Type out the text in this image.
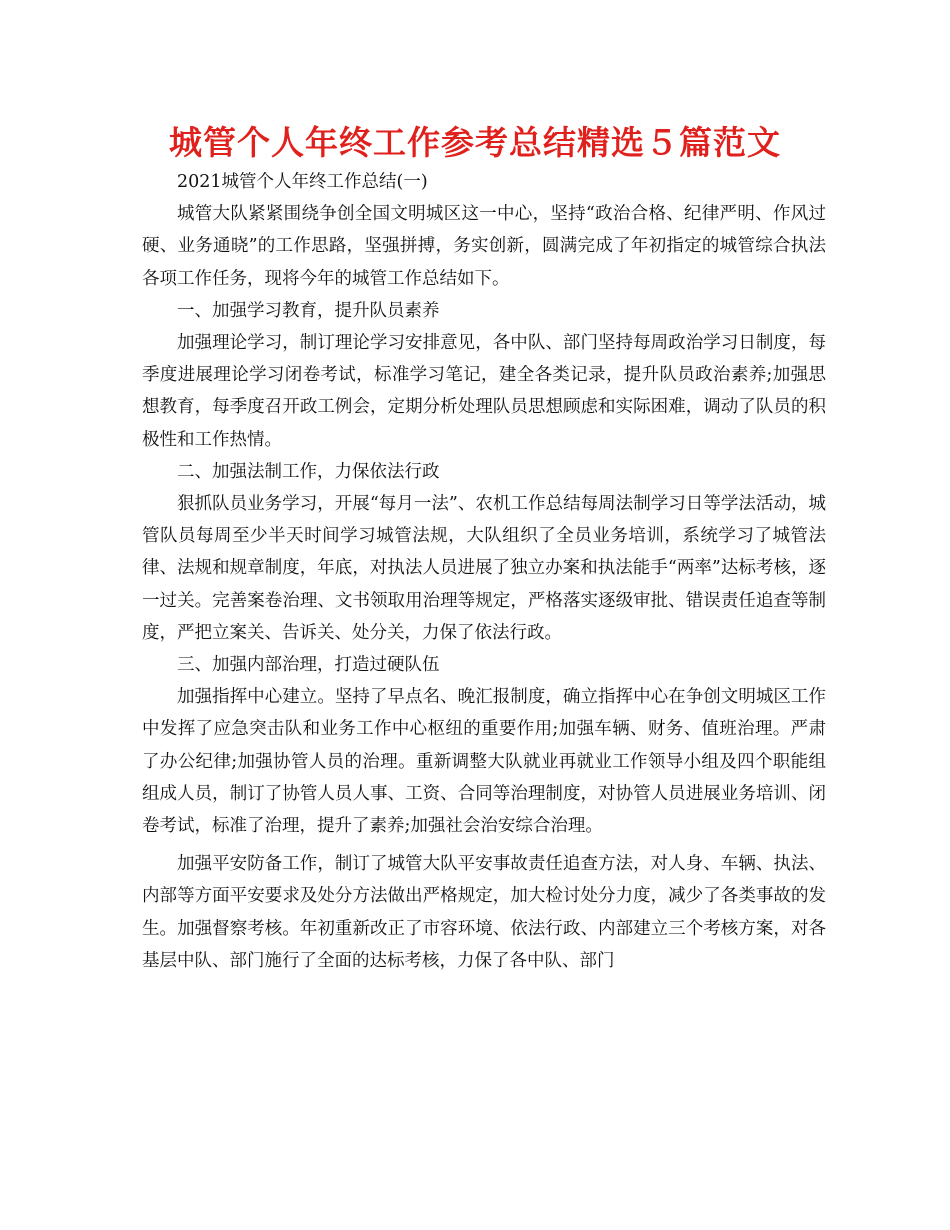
城管个人年终工作参考总结精选５篇范文

2021城管个人年终工作总结(一)

城管大队紧紧围绕争创全国文明城区这一中心，坚持“政治合格、纪律严明、作风过硬、业务通晓”的工作思路，坚强拼搏，务实创新，圆满完成了年初指定的城管综合执法各项工作任务，现将今年的城管工作总结如下。

一、加强学习教育，提升队员素养

加强理论学习，制订理论学习安排意见，各中队、部门坚持每周政治学习日制度，每季度进展理论学习闭卷考试，标准学习笔记，建全各类记录，提升队员政治素养;加强思想教育，每季度召开政工例会，定期分析处理队员思想顾虑和实际困难，调动了队员的积极性和工作热情。

二、加强法制工作，力保依法行政

狠抓队员业务学习，开展“每月一法”、农机工作总结每周法制学习日等学法活动，城管队员每周至少半天时间学习城管法规，大队组织了全员业务培训，系统学习了城管法律、法规和规章制度，年底，对执法人员进展了独立办案和执法能手“两率”达标考核，逐一过关。完善案卷治理、文书领取用治理等规定，严格落实逐级审批、错误责任追查等制度，严把立案关、告诉关、处分关，力保了依法行政。

三、加强内部治理，打造过硬队伍

加强指挥中心建立。坚持了早点名、晚汇报制度，确立指挥中心在争创文明城区工作中发挥了应急突击队和业务工作中心枢纽的重要作用;加强车辆、财务、值班治理。严肃了办公纪律;加强协管人员的治理。重新调整大队就业再就业工作领导小组及四个职能组组成人员，制订了协管人员人事、工资、合同等治理制度，对协管人员进展业务培训、闭卷考试，标准了治理，提升了素养;加强社会治安综合治理。

加强平安防备工作，制订了城管大队平安事故责任追查方法，对人身、车辆、执法、内部等方面平安要求及处分方法做出严格规定，加大检讨处分力度，减少了各类事故的发生。加强督察考核。年初重新改正了市容环境、依法行政、内部建立三个考核方案，对各基层中队、部门施行了全面的达标考核，力保了各中队、部门
